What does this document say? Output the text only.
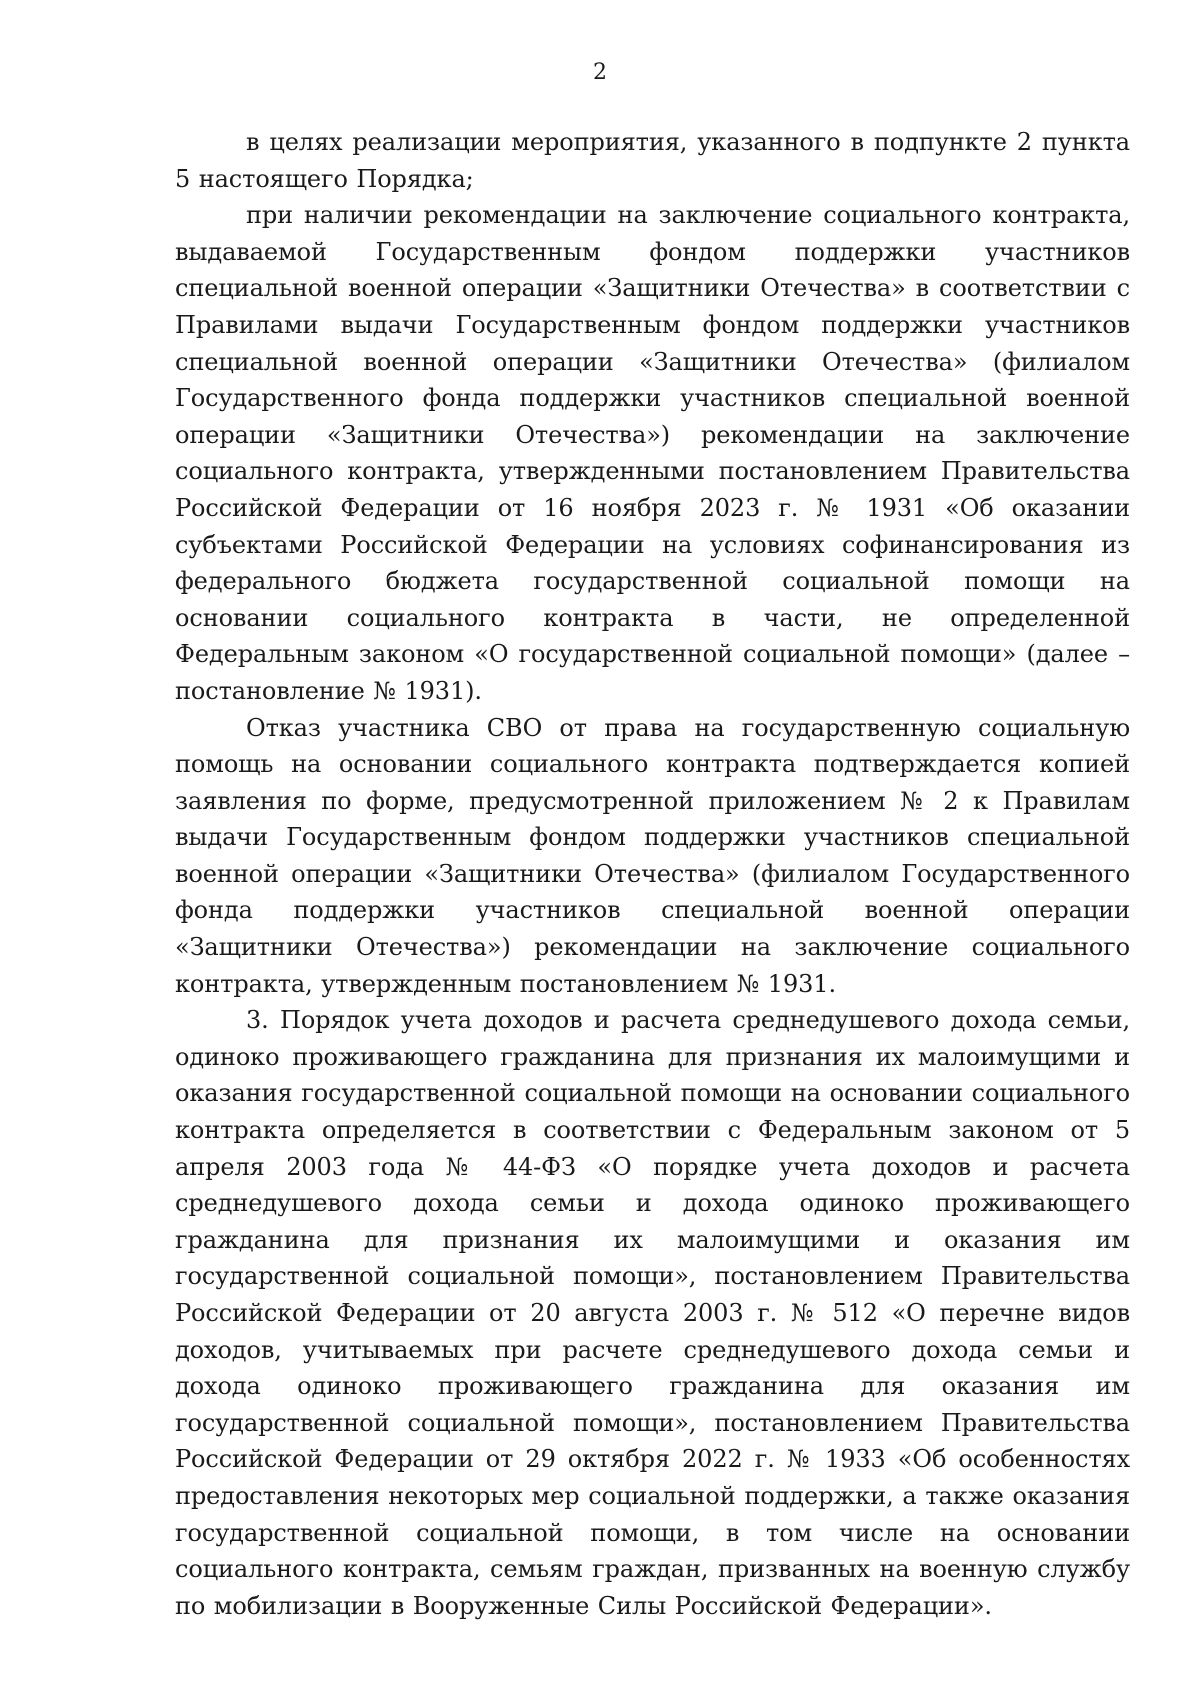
2

в целях реализации мероприятия, указанного в подпункте 2 пункта 5 настоящего Порядка;

при наличии рекомендации на заключение социального контракта, выдаваемой Государственным фондом поддержки участников специальной военной операции «Защитники Отечества» в соответствии с Правилами выдачи Государственным фондом поддержки участников специальной военной операции «Защитники Отечества» (филиалом Государственного фонда поддержки участников специальной военной операции «Защитники Отечества») рекомендации на заключение социального контракта, утвержденными постановлением Правительства Российской Федерации от 16 ноября 2023 г. № 1931 «Об оказании субъектами Российской Федерации на условиях софинансирования из федерального бюджета государственной социальной помощи на основании социального контракта в части, не определенной Федеральным законом «О государственной социальной помощи» (далее – постановление № 1931).

Отказ участника СВО от права на государственную социальную помощь на основании социального контракта подтверждается копией заявления по форме, предусмотренной приложением № 2 к Правилам выдачи Государственным фондом поддержки участников специальной военной операции «Защитники Отечества» (филиалом Государственного фонда поддержки участников специальной военной операции «Защитники Отечества») рекомендации на заключение социального контракта, утвержденным постановлением № 1931.

3. Порядок учета доходов и расчета среднедушевого дохода семьи, одиноко проживающего гражданина для признания их малоимущими и оказания государственной социальной помощи на основании социального контракта определяется в соответствии с Федеральным законом от 5 апреля 2003 года № 44-ФЗ «О порядке учета доходов и расчета среднедушевого дохода семьи и дохода одиноко проживающего гражданина для признания их малоимущими и оказания им государственной социальной помощи», постановлением Правительства Российской Федерации от 20 августа 2003 г. № 512 «О перечне видов доходов, учитываемых при расчете среднедушевого дохода семьи и дохода одиноко проживающего гражданина для оказания им государственной социальной помощи», постановлением Правительства Российской Федерации от 29 октября 2022 г. № 1933 «Об особенностях предоставления некоторых мер социальной поддержки, а также оказания государственной социальной помощи, в том числе на основании социального контракта, семьям граждан, призванных на военную службу по мобилизации в Вооруженные Силы Российской Федерации».
